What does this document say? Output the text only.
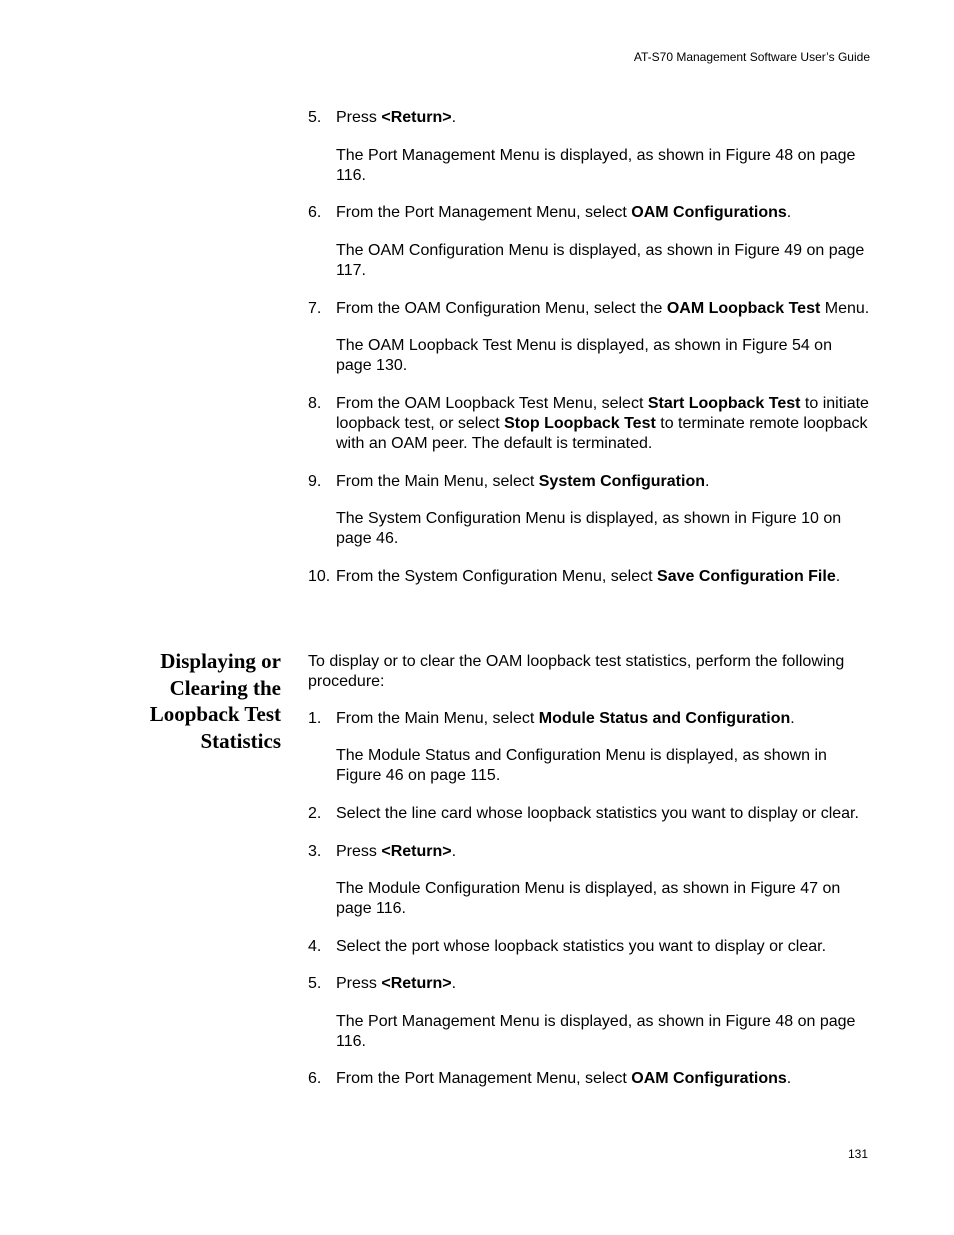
AT-S70 Management Software User’s Guide

5. Press <Return>.

The Port Management Menu is displayed, as shown in Figure 48 on page 116.

6. From the Port Management Menu, select OAM Configurations.

The OAM Configuration Menu is displayed, as shown in Figure 49 on page 117.

7. From the OAM Configuration Menu, select the OAM Loopback Test Menu.

The OAM Loopback Test Menu is displayed, as shown in Figure 54 on page 130.

8. From the OAM Loopback Test Menu, select Start Loopback Test to initiate loopback test, or select Stop Loopback Test to terminate remote loopback with an OAM peer. The default is terminated.

9. From the Main Menu, select System Configuration.

The System Configuration Menu is displayed, as shown in Figure 10 on page 46.

10. From the System Configuration Menu, select Save Configuration File.

Displaying or
Clearing the
Loopback Test
Statistics

To display or to clear the OAM loopback test statistics, perform the following procedure:

1. From the Main Menu, select Module Status and Configuration.

The Module Status and Configuration Menu is displayed, as shown in Figure 46 on page 115.

2. Select the line card whose loopback statistics you want to display or clear.

3. Press <Return>.

The Module Configuration Menu is displayed, as shown in Figure 47 on page 116.

4. Select the port whose loopback statistics you want to display or clear.

5. Press <Return>.

The Port Management Menu is displayed, as shown in Figure 48 on page 116.

6. From the Port Management Menu, select OAM Configurations.

131
